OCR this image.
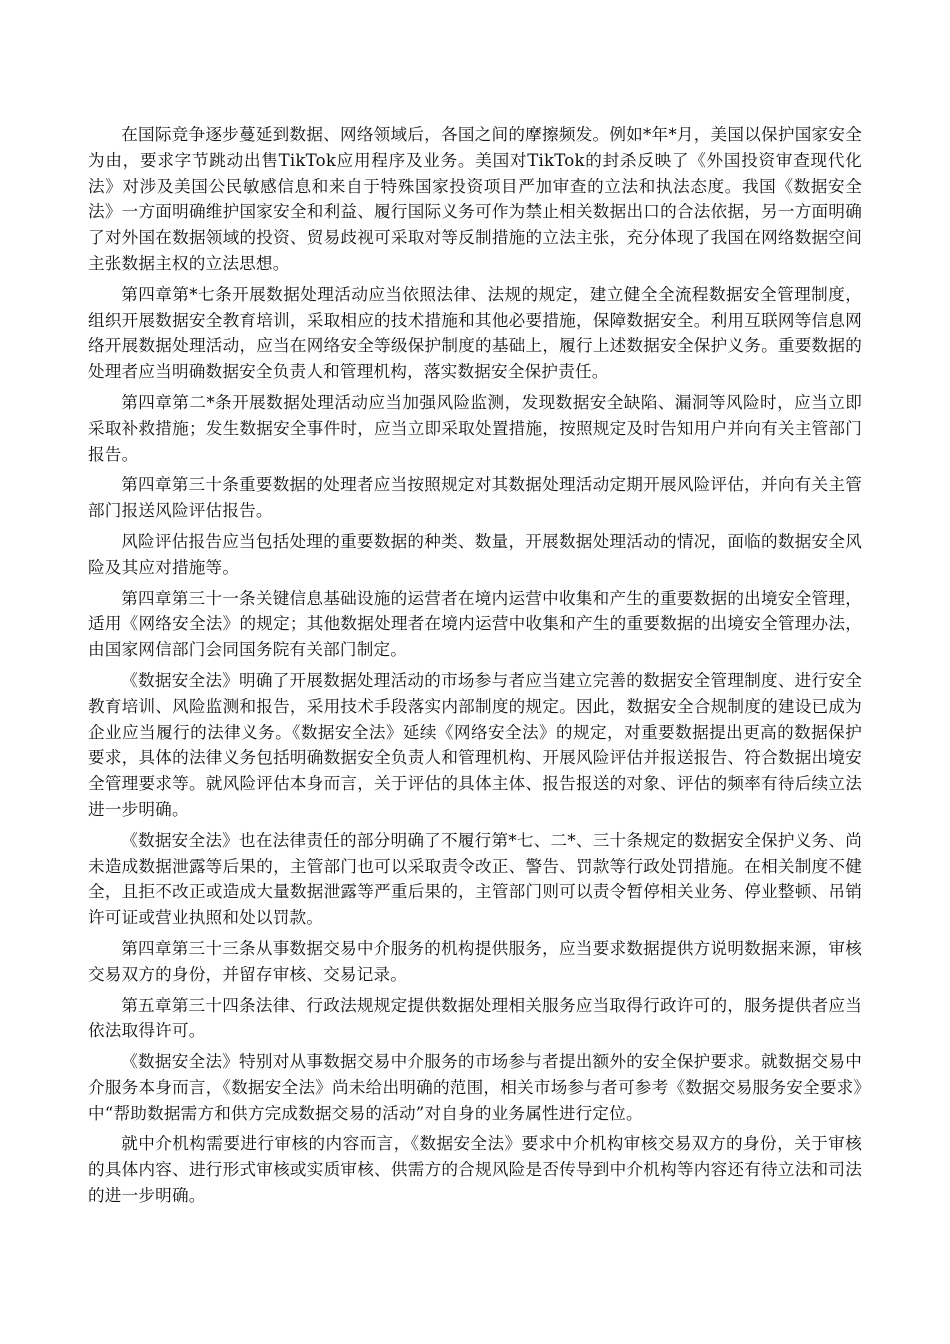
在国际竞争逐步蔓延到数据、网络领域后，各国之间的摩擦频发。例如*年*月，美国以保护国家安全为由，要求字节跳动出售TikTok应用程序及业务。美国对TikTok的封杀反映了《外国投资审查现代化法》对涉及美国公民敏感信息和来自于特殊国家投资项目严加审查的立法和执法态度。我国《数据安全法》一方面明确维护国家安全和利益、履行国际义务可作为禁止相关数据出口的合法依据，另一方面明确了对外国在数据领域的投资、贸易歧视可采取对等反制措施的立法主张，充分体现了我国在网络数据空间主张数据主权的立法思想。

第四章第*七条开展数据处理活动应当依照法律、法规的规定，建立健全全流程数据安全管理制度，组织开展数据安全教育培训，采取相应的技术措施和其他必要措施，保障数据安全。利用互联网等信息网络开展数据处理活动，应当在网络安全等级保护制度的基础上，履行上述数据安全保护义务。重要数据的处理者应当明确数据安全负责人和管理机构，落实数据安全保护责任。

第四章第二*条开展数据处理活动应当加强风险监测，发现数据安全缺陷、漏洞等风险时，应当立即采取补救措施；发生数据安全事件时，应当立即采取处置措施，按照规定及时告知用户并向有关主管部门报告。

第四章第三十条重要数据的处理者应当按照规定对其数据处理活动定期开展风险评估，并向有关主管部门报送风险评估报告。

风险评估报告应当包括处理的重要数据的种类、数量，开展数据处理活动的情况，面临的数据安全风险及其应对措施等。

第四章第三十一条关键信息基础设施的运营者在境内运营中收集和产生的重要数据的出境安全管理，适用《网络安全法》的规定；其他数据处理者在境内运营中收集和产生的重要数据的出境安全管理办法，由国家网信部门会同国务院有关部门制定。

《数据安全法》明确了开展数据处理活动的市场参与者应当建立完善的数据安全管理制度、进行安全教育培训、风险监测和报告，采用技术手段落实内部制度的规定。因此，数据安全合规制度的建设已成为企业应当履行的法律义务。《数据安全法》延续《网络安全法》的规定，对重要数据提出更高的数据保护要求，具体的法律义务包括明确数据安全负责人和管理机构、开展风险评估并报送报告、符合数据出境安全管理要求等。就风险评估本身而言，关于评估的具体主体、报告报送的对象、评估的频率有待后续立法进一步明确。

《数据安全法》也在法律责任的部分明确了不履行第*七、二*、三十条规定的数据安全保护义务、尚未造成数据泄露等后果的，主管部门也可以采取责令改正、警告、罚款等行政处罚措施。在相关制度不健全，且拒不改正或造成大量数据泄露等严重后果的，主管部门则可以责令暂停相关业务、停业整顿、吊销许可证或营业执照和处以罚款。

第四章第三十三条从事数据交易中介服务的机构提供服务，应当要求数据提供方说明数据来源，审核交易双方的身份，并留存审核、交易记录。

第五章第三十四条法律、行政法规规定提供数据处理相关服务应当取得行政许可的，服务提供者应当依法取得许可。

《数据安全法》特别对从事数据交易中介服务的市场参与者提出额外的安全保护要求。就数据交易中介服务本身而言，《数据安全法》尚未给出明确的范围，相关市场参与者可参考《数据交易服务安全要求》中“帮助数据需方和供方完成数据交易的活动”对自身的业务属性进行定位。

就中介机构需要进行审核的内容而言，《数据安全法》要求中介机构审核交易双方的身份，关于审核的具体内容、进行形式审核或实质审核、供需方的合规风险是否传导到中介机构等内容还有待立法和司法的进一步明确。
